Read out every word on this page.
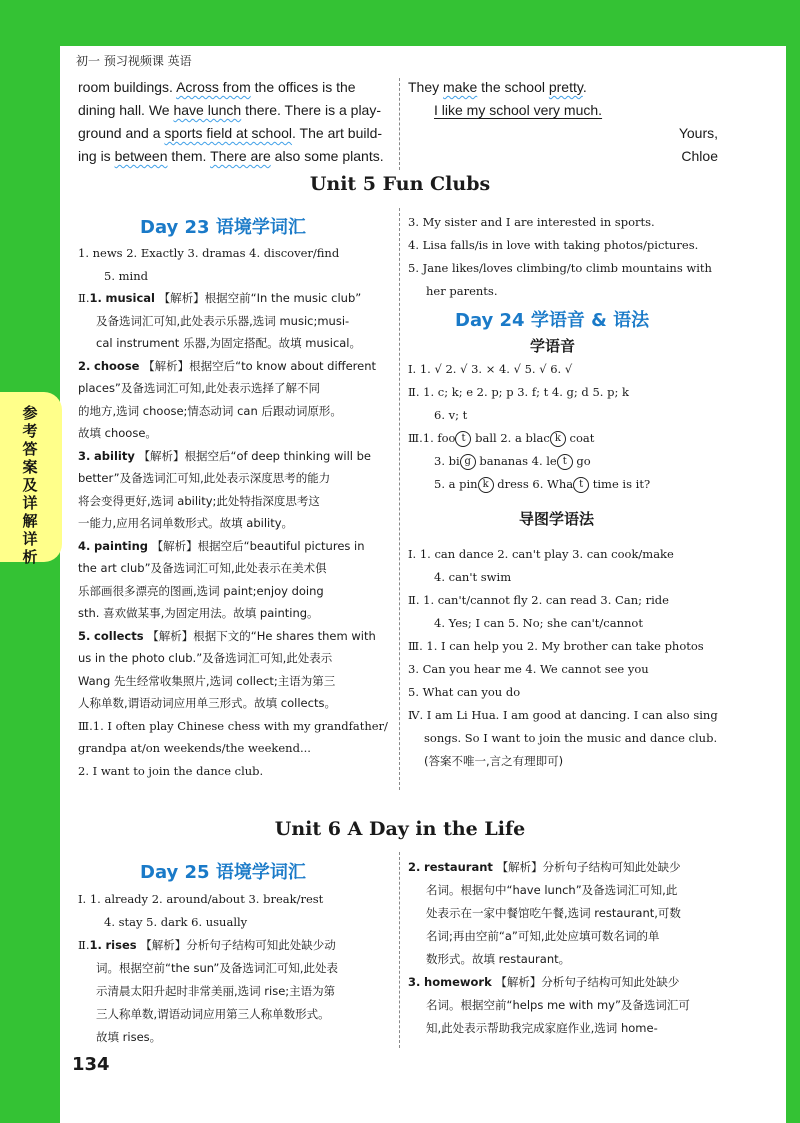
参
考
答
案
及
详
解
详
析
初一 预习视频课 英语
room buildings. Across from the offices is the
dining hall. We have lunch there. There is a play-
ground and a sports field at school. The art build-
ing is between them. There are also some plants.
They make the school pretty.
I like my school very much.
Yours,
Chloe
Unit 5 Fun Clubs
Day 23 语境学词汇
1. news 2. Exactly 3. dramas 4. discover/find
5. mind
Ⅱ.1. musical 【解析】根据空前“In the music club”
及备选词汇可知,此处表示乐器,选词 music;musi-
cal instrument 乐器,为固定搭配。故填 musical。
2. choose 【解析】根据空后“to know about different
places”及备选词汇可知,此处表示选择了解不同
的地方,选词 choose;情态动词 can 后跟动词原形。
故填 choose。
3. ability 【解析】根据空后“of deep thinking will be
better”及备选词汇可知,此处表示深度思考的能力
将会变得更好,选词 ability;此处特指深度思考这
一能力,应用名词单数形式。故填 ability。
4. painting 【解析】根据空后“beautiful pictures in
the art club”及备选词汇可知,此处表示在美术俱
乐部画很多漂亮的图画,选词 paint;enjoy doing
sth. 喜欢做某事,为固定用法。故填 painting。
5. collects 【解析】根据下文的“He shares them with
us in the photo club.”及备选词汇可知,此处表示
Wang 先生经常收集照片,选词 collect;主语为第三
人称单数,谓语动词应用单三形式。故填 collects。
Ⅲ.1. I often play Chinese chess with my grandfather/
grandpa at/on weekends/the weekend...
2. I want to join the dance club.
3. My sister and I are interested in sports.
4. Lisa falls/is in love with taking photos/pictures.
5. Jane likes/loves climbing/to climb mountains with
her parents.
Day 24 学语音 & 语法
学语音
Ⅰ. 1. √ 2. √ 3. × 4. √ 5. √ 6. √
Ⅱ. 1. c; k; e 2. p; p 3. f; t 4. g; d 5. p; k
6. v; t
Ⅲ.1. foo t ball 2. a blac k coat
3. bi g bananas 4. le t go
5. a pin k dress 6. Wha t time is it?
导图学语法
Ⅰ. 1. can dance 2. can't play 3. can cook/make
4. can't swim
Ⅱ. 1. can't/cannot fly 2. can read 3. Can; ride
4. Yes; I can 5. No; she can't/cannot
Ⅲ. 1. I can help you 2. My brother can take photos
3. Can you hear me 4. We cannot see you
5. What can you do
Ⅳ. I am Li Hua. I am good at dancing. I can also sing
songs. So I want to join the music and dance club.
(答案不唯一,言之有理即可)
Unit 6 A Day in the Life
Day 25 语境学词汇
Ⅰ. 1. already 2. around/about 3. break/rest
4. stay 5. dark 6. usually
Ⅱ.1. rises 【解析】分析句子结构可知此处缺少动
词。根据空前“the sun”及备选词汇可知,此处表
示清晨太阳升起时非常美丽,选词 rise;主语为第
三人称单数,谓语动词应用第三人称单数形式。
故填 rises。
2. restaurant 【解析】分析句子结构可知此处缺少
名词。根据句中“have lunch”及备选词汇可知,此
处表示在一家中餐馆吃午餐,选词 restaurant,可数
名词;再由空前“a”可知,此处应填可数名词的单
数形式。故填 restaurant。
3. homework 【解析】分析句子结构可知此处缺少
名词。根据空前“helps me with my”及备选词汇可
知,此处表示帮助我完成家庭作业,选词 home-
134
